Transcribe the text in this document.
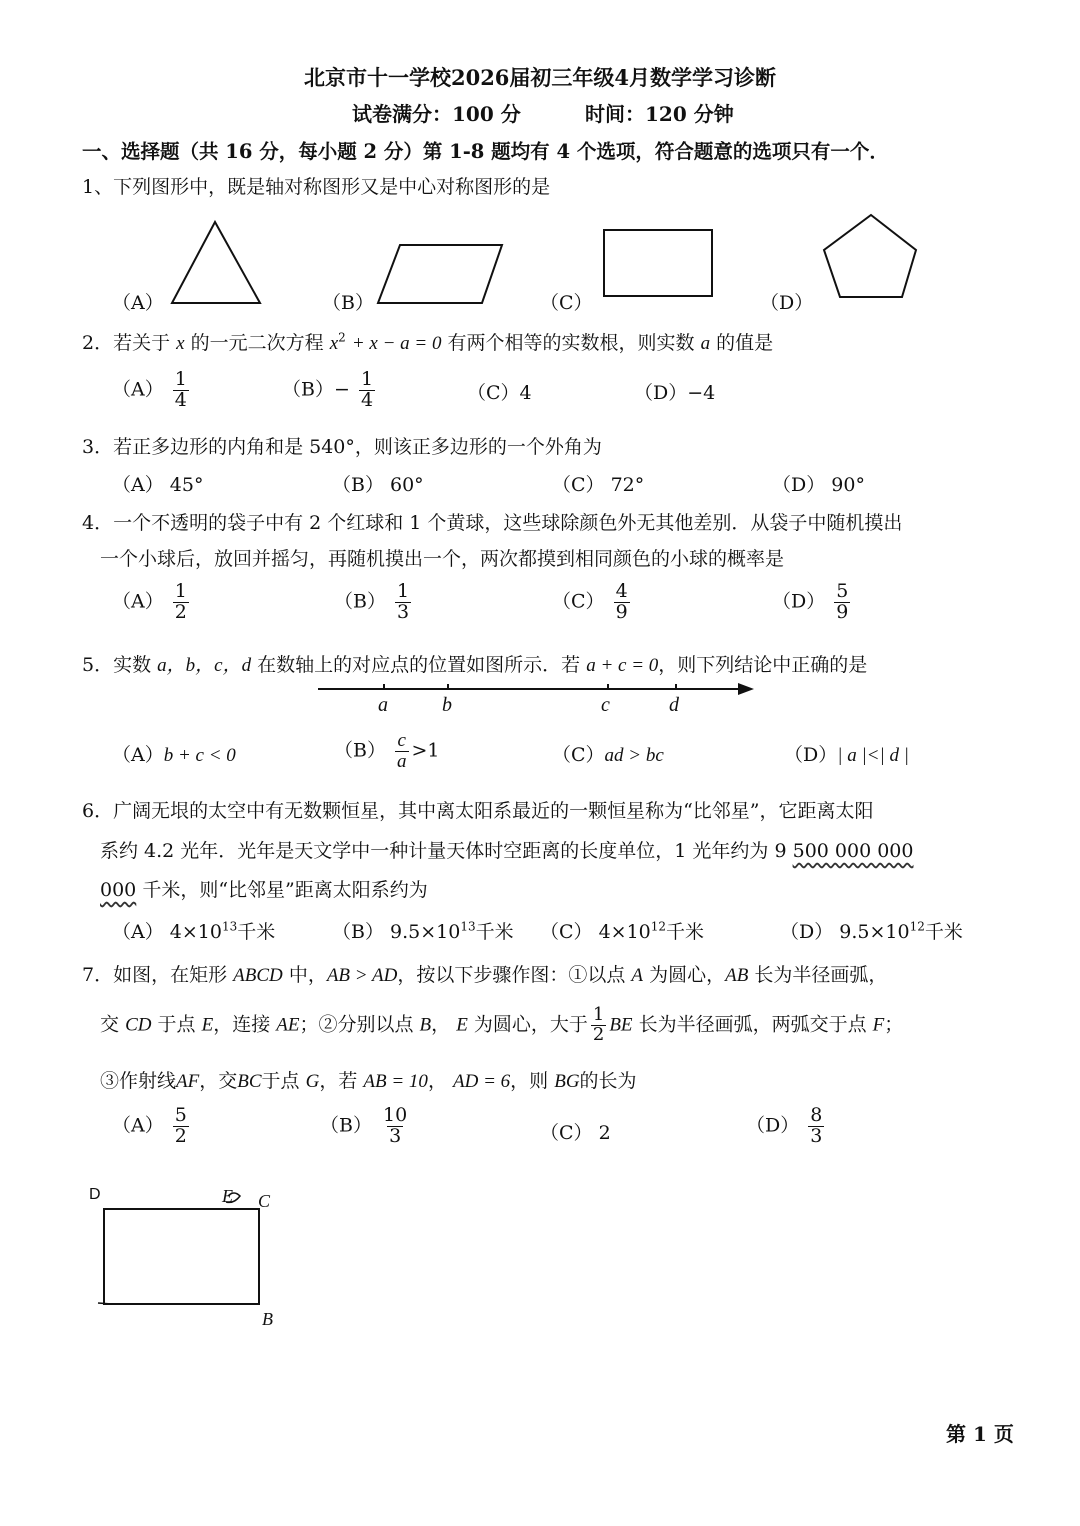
北京市十一学校2026届初三年级4月数学学习诊断
试卷满分：100 分	时间：120 分钟
一、选择题（共 16 分，每小题 2 分）第 1-8 题均有 4 个选项，符合题意的选项只有一个．
1、下列图形中，既是轴对称图形又是中心对称图形的是
（A）	（B）	（C）	（D）
2．若关于 x 的一元二次方程 $x^2 + x - a = 0$ 有两个相等的实数根，则实数 a 的值是
$(A) \frac{1}{4}$	$(B)- \frac{1}{4}$	（C）4	（D）−4
3．若正多边形的内角和是 540°，则该正多边形的一个外角为
（A） 45°	（B） 60°	（C） 72°	（D） 90°
4．一个不透明的袋子中有 2 个红球和 1 个黄球，这些球除颜色外无其他差别．从袋子中随机摸出
一个小球后，放回并摇匀，再随机摸出一个，两次都摸到相同颜色的小球的概率是
$(A) \frac{1}{2}$	$(B) \frac{1}{3}$	$(C) \frac{4}{9}$	$(D) \frac{5}{9}$
5．实数 a，b，c，d 在数轴上的对应点的位置如图所示．若 a + c = 0，则下列结论中正确的是
a	b	c	d
（A）b + c < 0	$(B) \frac{c}{a} >1$	（C）ad > bc	（D）| a |<| d |
6．广阔无垠的太空中有无数颗恒星，其中离太阳系最近的一颗恒星称为“比邻星”，它距离太阳
系约 4.2 光年．光年是天文学中一种计量天体时空距离的长度单位，1 光年约为 9 500 000 000
000 千米，则“比邻星”距离太阳系约为
（A） $4\times 10^{13}$千米	（B） $9.5\times 10^{13}$千米 （C） $4\times 10^{12}$千米	（D） $9.5\times 10^{12}$千米
7．如图，在矩形 ABCD 中，AB > AD，按以下步骤作图：①以点 A 为圆心，AB 长为半径画弧，
交 CD 于点 E，连接 AE；②分别以点 B， E 为圆心，大于 $\frac{1}{2}$ BE 长为半径画弧，两弧交于点 F；
③作射线AF，交BC于点 G，若 AB = 10， AD = 6，则 BG的长为
$(A) \frac{5}{2}$	$(B) \frac{10}{3}$	（C） 2	$(D) \frac{8}{3}$
D	E C
B
第 1 页
